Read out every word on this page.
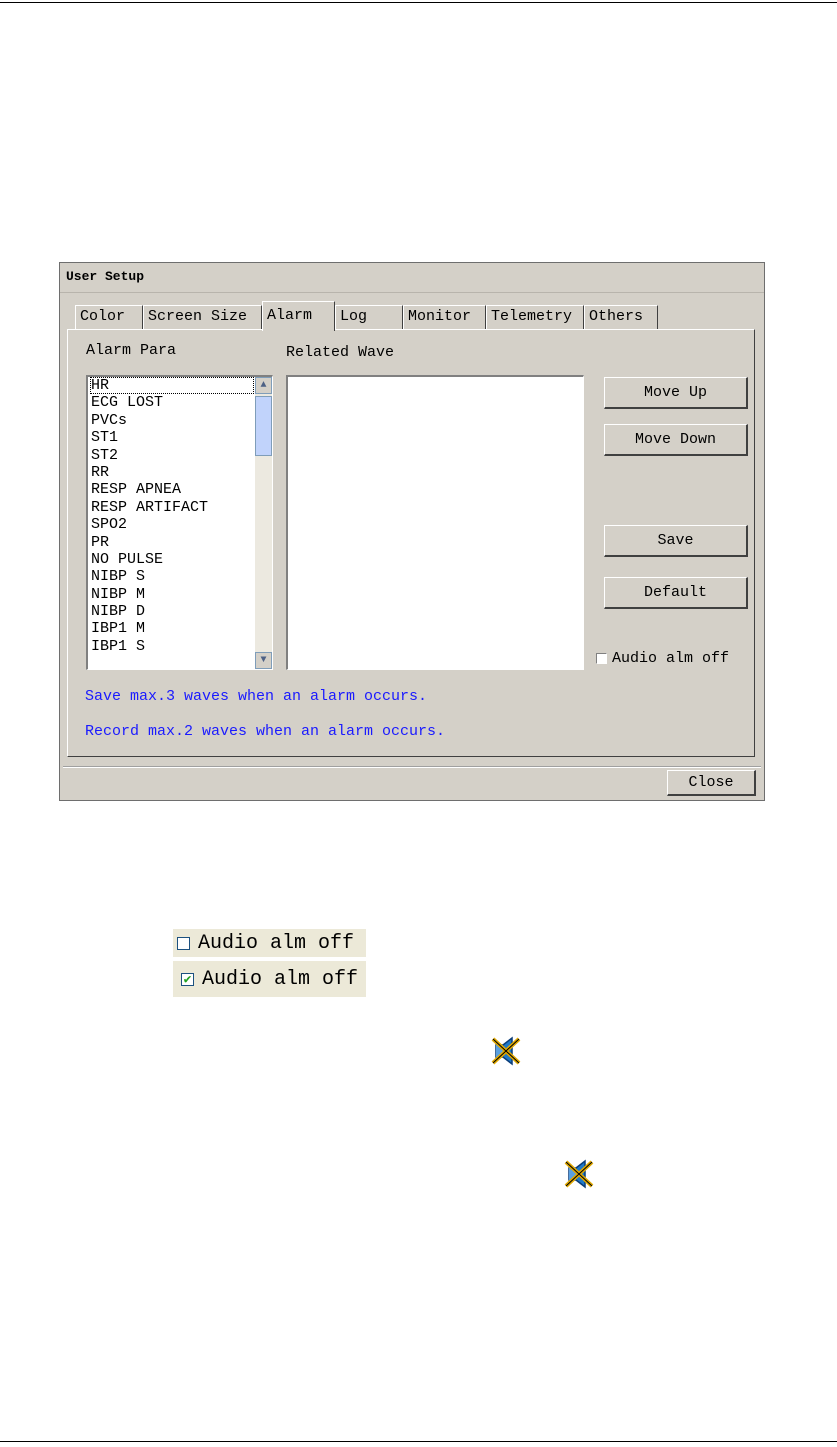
User Setup
Color	Screen Size	Alarm	Log	Monitor	Telemetry	Others
Alarm Para	Related Wave
HR
ECG LOST
PVCs
ST1
ST2
RR
RESP APNEA
RESP ARTIFACT
SPO2
PR
NO PULSE
NIBP S
NIBP M
NIBP D
IBP1 M
IBP1 S
▲
▼
Move Up
Move Down
Save
Default
Audio alm off
Save max.3 waves when an alarm occurs.
Record max.2 waves when an alarm occurs.
Close
Audio alm off
✔ Audio alm off
